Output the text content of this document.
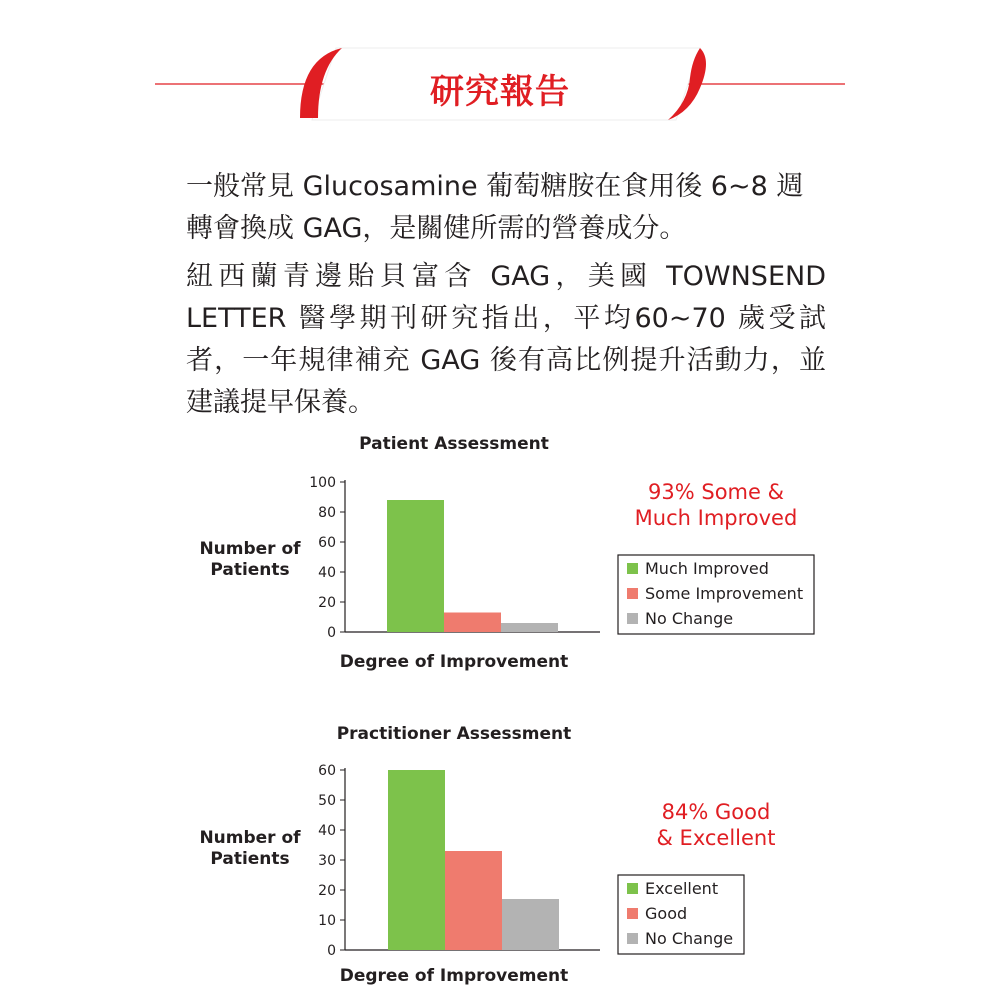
研究報告

一般常見 Glucosamine 葡萄糖胺在食用後 6~8 週轉會換成 GAG，是關健所需的營養成分。

紐西蘭青邊貽貝富含 GAG，美國 TOWNSEND LETTER 醫學期刊研究指出，平均60~70 歲受試者，一年規律補充 GAG 後有高比例提升活動力，並建議提早保養。

Patient Assessment
Number of
Patients
0
20
40
60
80
100
Degree of Improvement
93% Some &
Much Improved
Much Improved
Some Improvement
No Change
Practitioner Assessment
Number of
Patients
0
10
20
30
40
50
60
Degree of Improvement
84% Good
& Excellent
Excellent
Good
No Change
